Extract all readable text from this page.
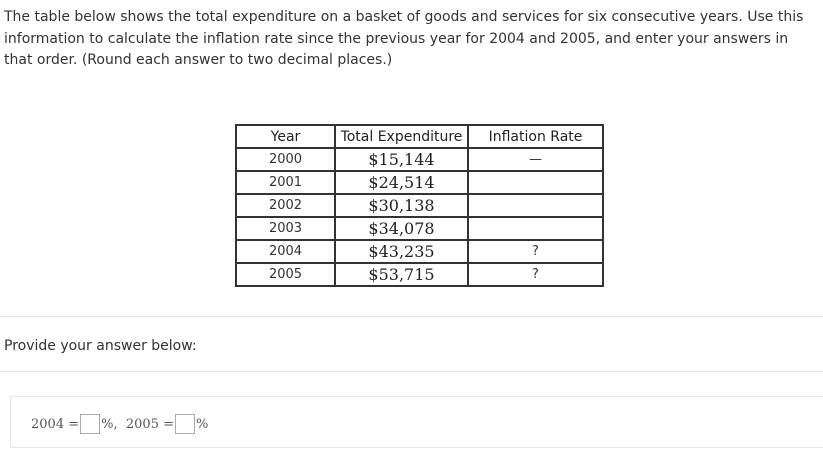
The table below shows the total expenditure on a basket of goods and services for six consecutive years. Use this information to calculate the inflation rate since the previous year for 2004 and 2005, and enter your answers in that order. (Round each answer to two decimal places.)

Year	Total Expenditure	Inflation Rate
2000	$15,144	—
2001	$24,514	
2002	$30,138	
2003	$34,078	
2004	$43,235	?
2005	$53,715	?
Provide your answer below:
2004 = % ,
2005 = %
